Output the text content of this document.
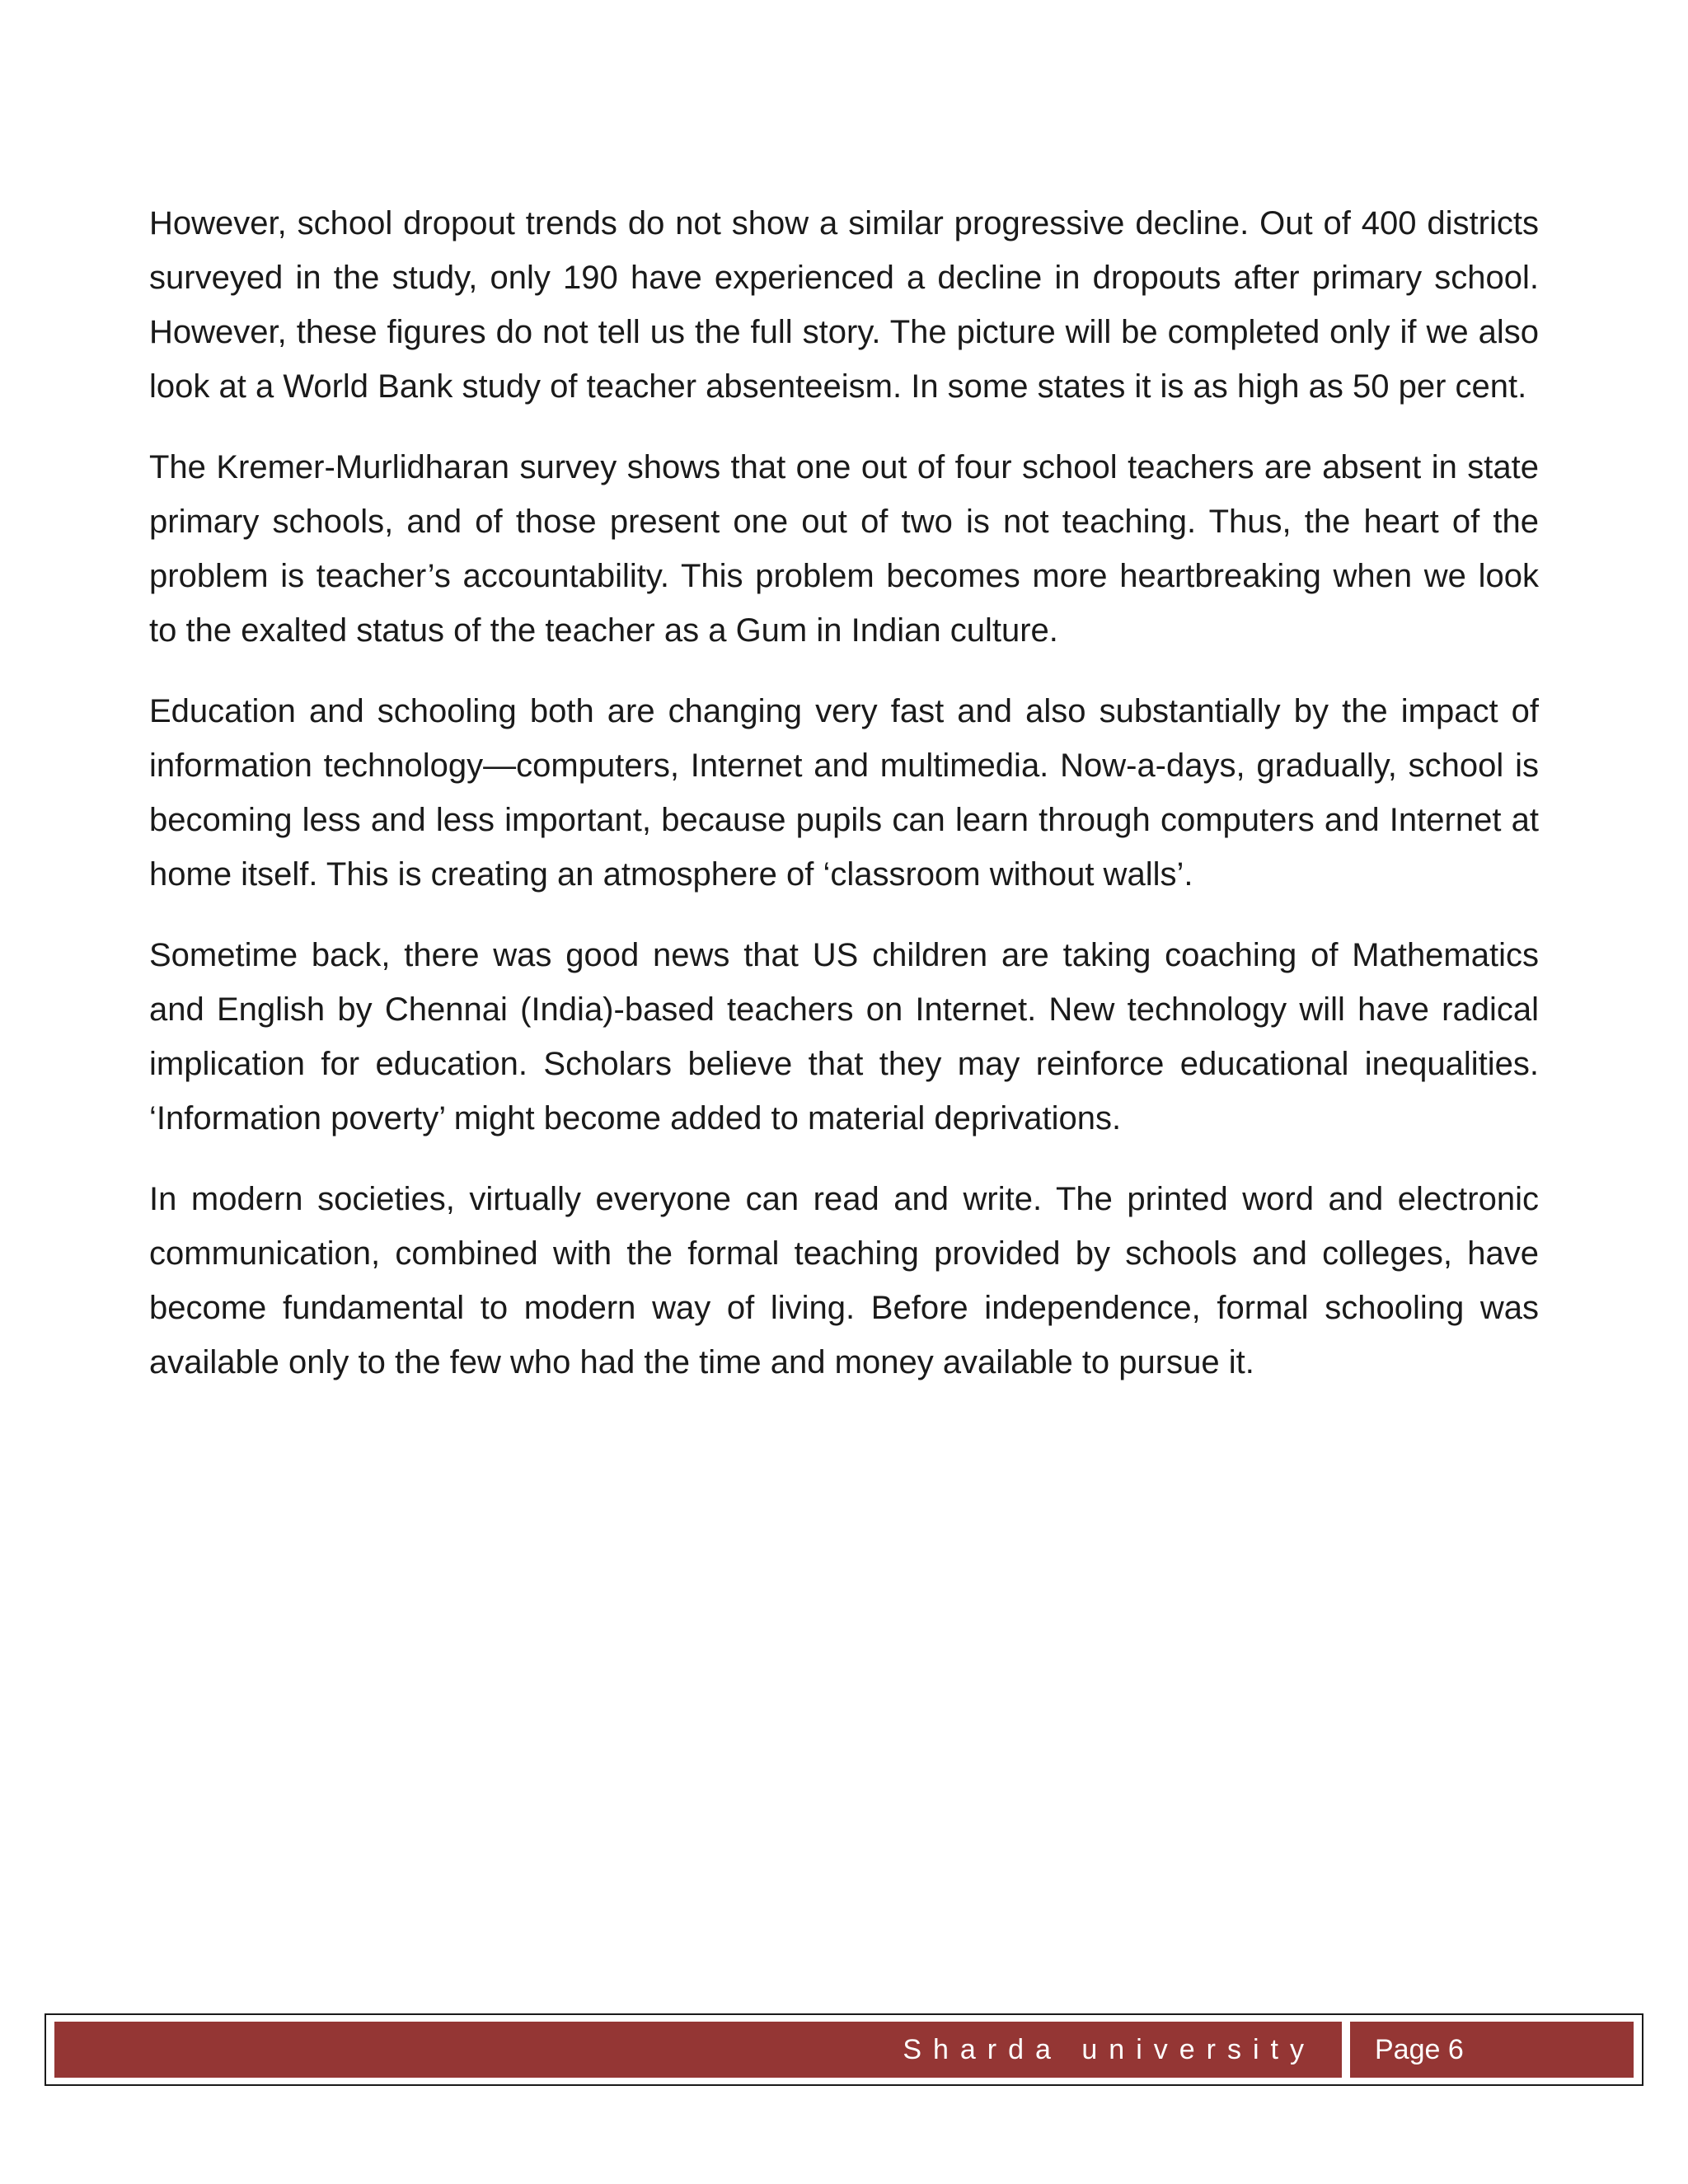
However, school dropout trends do not show a similar progressive decline. Out of 400 districts surveyed in the study, only 190 have experienced a decline in dropouts after primary school. However, these figures do not tell us the full story. The picture will be completed only if we also look at a World Bank study of teacher absenteeism. In some states it is as high as 50 per cent.

The Kremer-Murlidharan survey shows that one out of four school teachers are absent in state primary schools, and of those present one out of two is not teaching. Thus, the heart of the problem is teacher’s accountability. This problem becomes more heartbreaking when we look to the exalted status of the teacher as a Gum in Indian culture.

Education and schooling both are changing very fast and also substantially by the impact of information technology—computers, Internet and multimedia. Now-a-days, gradually, school is becoming less and less important, because pupils can learn through computers and Internet at home itself. This is creating an atmosphere of ‘classroom without walls’.

Sometime back, there was good news that US children are taking coaching of Mathematics and English by Chennai (India)-based teachers on Internet. New technology will have radical implication for education. Scholars believe that they may reinforce educational inequalities. ‘Information poverty’ might become added to material deprivations.

In modern societies, virtually everyone can read and write. The printed word and electronic communication, combined with the formal teaching provided by schools and colleges, have become fundamental to modern way of living. Before independence, formal schooling was available only to the few who had the time and money available to pursue it.

Sharda university Page 6
